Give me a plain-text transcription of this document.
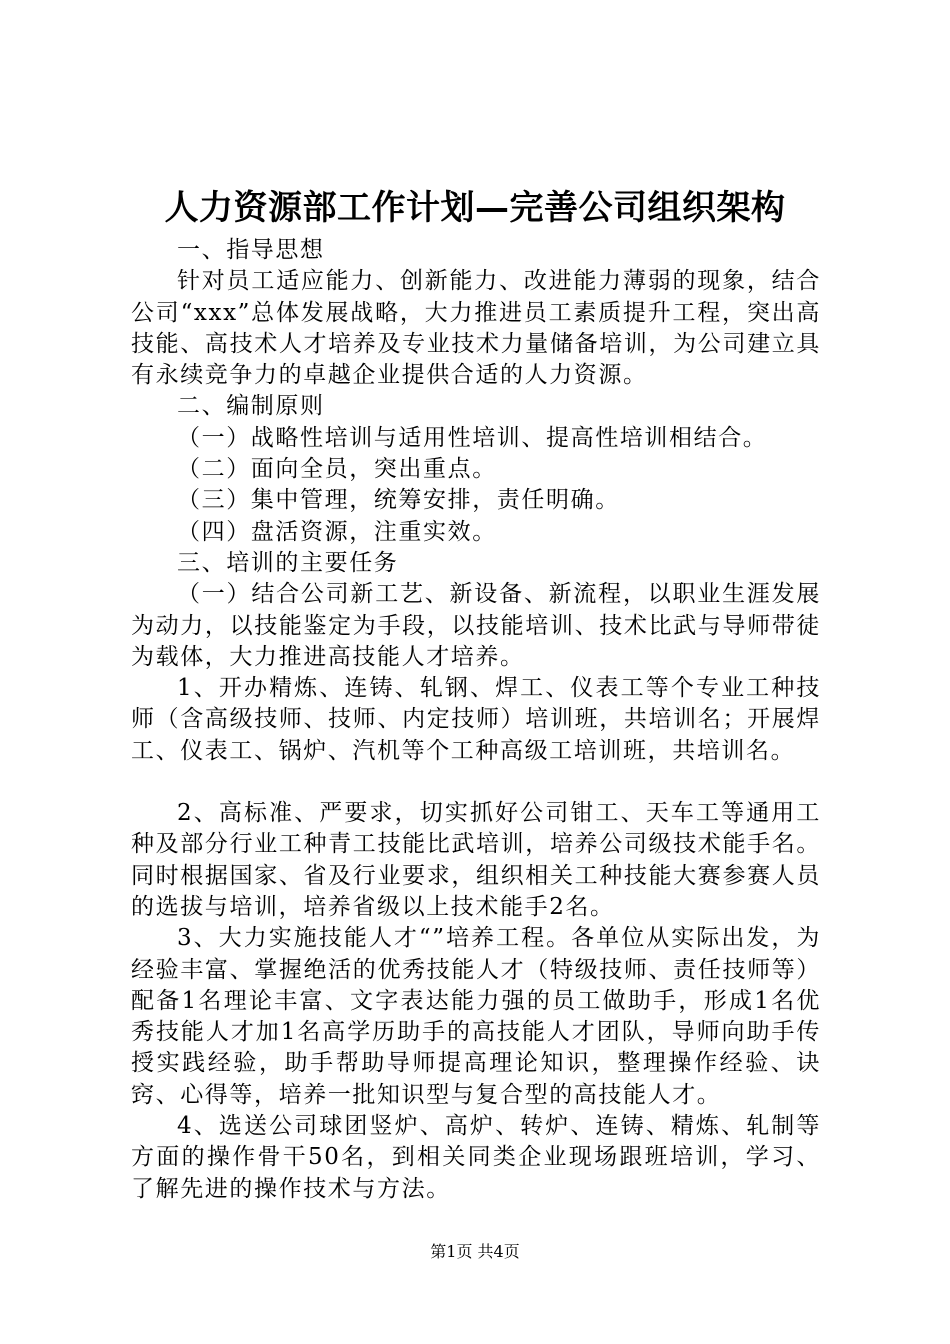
人力资源部工作计划—完善公司组织架构

一、指导思想

针对员工适应能力、创新能力、改进能力薄弱的现象，结合公司“xxx”总体发展战略，大力推进员工素质提升工程，突出高技能、高技术人才培养及专业技术力量储备培训，为公司建立具有永续竞争力的卓越企业提供合适的人力资源。

二、编制原则

（一）战略性培训与适用性培训、提高性培训相结合。

（二）面向全员，突出重点。

（三）集中管理，统筹安排，责任明确。

（四）盘活资源，注重实效。

三、培训的主要任务

（一）结合公司新工艺、新设备、新流程，以职业生涯发展为动力，以技能鉴定为手段，以技能培训、技术比武与导师带徒为载体，大力推进高技能人才培养。

1、开办精炼、连铸、轧钢、焊工、仪表工等个专业工种技师（含高级技师、技师、内定技师）培训班，共培训名；开展焊工、仪表工、锅炉、汽机等个工种高级工培训班，共培训名。

2、高标准、严要求，切实抓好公司钳工、天车工等通用工种及部分行业工种青工技能比武培训，培养公司级技术能手名。同时根据国家、省及行业要求，组织相关工种技能大赛参赛人员的选拔与培训，培养省级以上技术能手2名。

3、大力实施技能人才“”培养工程。各单位从实际出发，为经验丰富、掌握绝活的优秀技能人才（特级技师、责任技师等）配备1名理论丰富、文字表达能力强的员工做助手，形成1名优秀技能人才加1名高学历助手的高技能人才团队，导师向助手传授实践经验，助手帮助导师提高理论知识，整理操作经验、诀窍、心得等，培养一批知识型与复合型的高技能人才。

4、选送公司球团竖炉、高炉、转炉、连铸、精炼、轧制等方面的操作骨干50名，到相关同类企业现场跟班培训，学习、了解先进的操作技术与方法。

第1页 共4页
